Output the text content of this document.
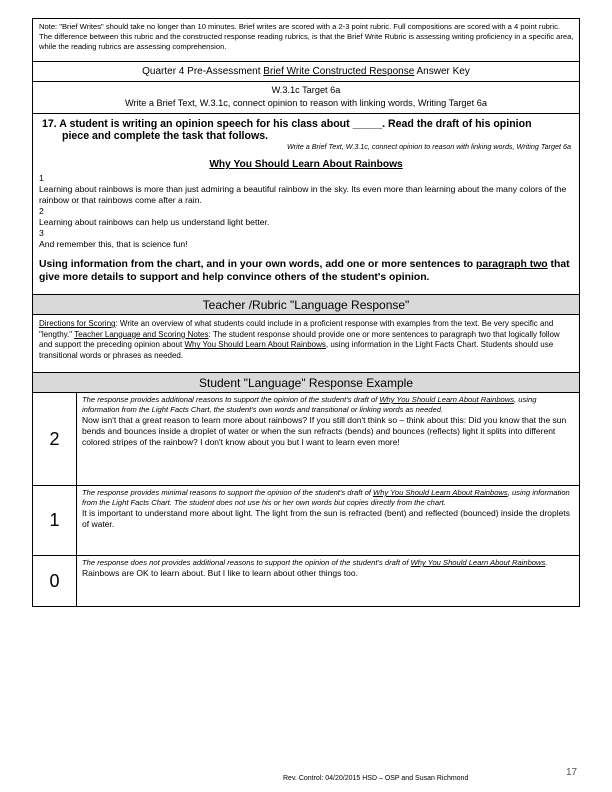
Note: "Brief Writes" should take no longer than 10 minutes. Brief writes are scored with a 2-3 point rubric. Full compositions are scored with a 4 point rubric. The difference between this rubric and the constructed response reading rubrics, is that the Brief Write Rubric is assessing writing proficiency in a specific area, while the reading rubrics are assessing comprehension.
Quarter 4 Pre-Assessment Brief Write Constructed Response Answer Key
W.3.1c Target 6a
Write a Brief Text, W.3.1c, connect opinion to reason with linking words, Writing Target 6a
17. A student is writing an opinion speech for his class about _____. Read the draft of his opinion
piece and complete the task that follows.
Write a Brief Text, W.3.1c, connect opinion to reason with linking words, Writing Target 6a
Why You Should Learn About Rainbows
1
Learning about rainbows is more than just admiring a beautiful rainbow in the sky. Its even more than learning about the many colors of the rainbow or that rainbows come after a rain.
2
Learning about rainbows can help us understand light better.
3
And remember this, that is science fun!
Using information from the chart, and in your own words, add one or more sentences to paragraph two that give more details to support and help convince others of the student's opinion.
Teacher /Rubric "Language Response"
Directions for Scoring: Write an overview of what students could include in a proficient response with examples from the text. Be very specific and "lengthy." Teacher Language and Scoring Notes: The student response should provide one or more sentences to paragraph two that logically follow and support the preceding opinion about Why You Should Learn About Rainbows, using information in the Light Facts Chart. Students should use transitional words or phrases as needed.
Student "Language" Response Example
2
The response provides additional reasons to support the opinion of the student's draft of Why You Should Learn About Rainbows, using information from the Light Facts Chart, the student's own words and transitional or linking words as needed.
Now isn't that a great reason to learn more about rainbows? If you still don't think so – think about this: Did you know that the sun bends and bounces inside a droplet of water or when the sun refracts (bends) and bounces (reflects) light it splits into different colored stripes of the rainbow? I don't know about you but I want to learn even more!
1
The response provides minimal reasons to support the opinion of the student's draft of Why You Should Learn About Rainbows, using information from the Light Facts Chart. The student does not use his or her own words but copies directly from the chart.
It is important to understand more about light. The light from the sun is refracted (bent) and reflected (bounced) inside the droplets of water.
0
The response does not provides additional reasons to support the opinion of the student's draft of Why You Should Learn About Rainbows.
Rainbows are OK to learn about. But I like to learn about other things too.
Rev. Control: 04/20/2015 HSD – OSP and Susan Richmond
17
